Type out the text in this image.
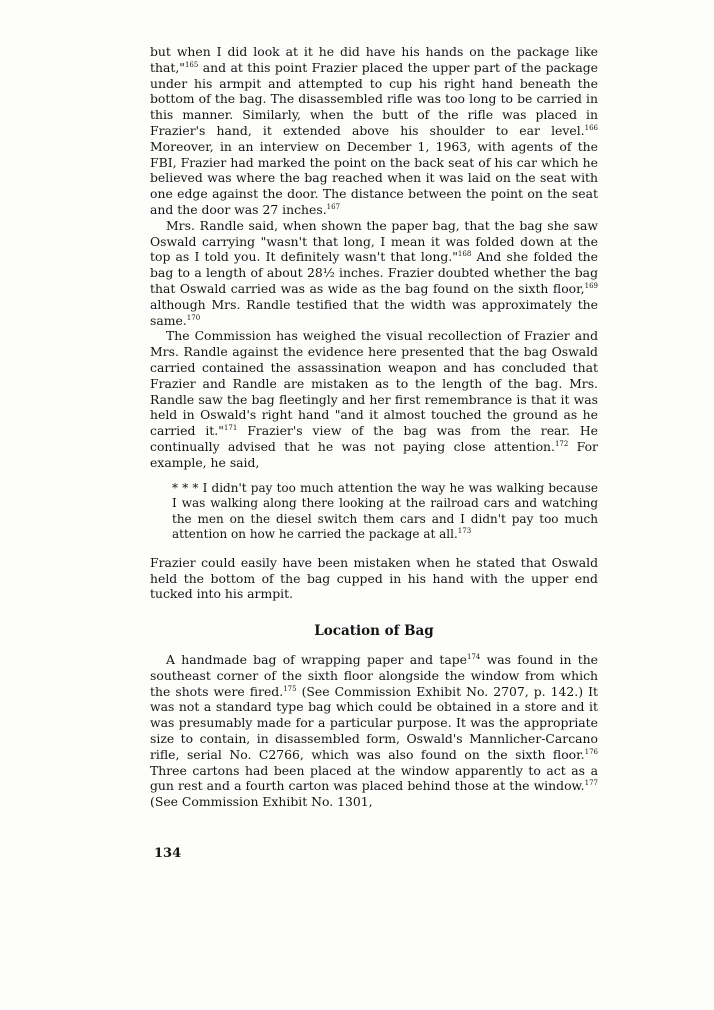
but when I did look at it he did have his hands on the package like that,"$^{165}$ and at this point Frazier placed the upper part of the package under his armpit and attempted to cup his right hand beneath the bottom of the bag. The disassembled rifle was too long to be carried in this manner. Similarly, when the butt of the rifle was placed in Frazier's hand, it extended above his shoulder to ear level.$^{166}$ Moreover, in an interview on December 1, 1963, with agents of the FBI, Frazier had marked the point on the back seat of his car which he believed was where the bag reached when it was laid on the seat with one edge against the door. The distance between the point on the seat and the door was 27 inches.$^{167}$

Mrs. Randle said, when shown the paper bag, that the bag she saw Oswald carrying "wasn't that long, I mean it was folded down at the top as I told you. It definitely wasn't that long."$^{168}$ And she folded the bag to a length of about 28½ inches. Frazier doubted whether the bag that Oswald carried was as wide as the bag found on the sixth floor,$^{169}$ although Mrs. Randle testified that the width was approximately the same.$^{170}$

The Commission has weighed the visual recollection of Frazier and Mrs. Randle against the evidence here presented that the bag Oswald carried contained the assassination weapon and has concluded that Frazier and Randle are mistaken as to the length of the bag. Mrs. Randle saw the bag fleetingly and her first remembrance is that it was held in Oswald's right hand "and it almost touched the ground as he carried it."$^{171}$ Frazier's view of the bag was from the rear. He continually advised that he was not paying close attention.$^{172}$ For example, he said,

* * * I didn't pay too much attention the way he was walking because I was walking along there looking at the railroad cars and watching the men on the diesel switch them cars and I didn't pay too much attention on how he carried the package at all.$^{173}$

Frazier could easily have been mistaken when he stated that Oswald held the bottom of the bag cupped in his hand with the upper end tucked into his armpit.

Location of Bag

A handmade bag of wrapping paper and tape$^{174}$ was found in the southeast corner of the sixth floor alongside the window from which the shots were fired.$^{175}$ (See Commission Exhibit No. 2707, p. 142.) It was not a standard type bag which could be obtained in a store and it was presumably made for a particular purpose. It was the appropriate size to contain, in disassembled form, Oswald's Mannlicher-Carcano rifle, serial No. C2766, which was also found on the sixth floor.$^{176}$ Three cartons had been placed at the window apparently to act as a gun rest and a fourth carton was placed behind those at the window.$^{177}$ (See Commission Exhibit No. 1301,

134
